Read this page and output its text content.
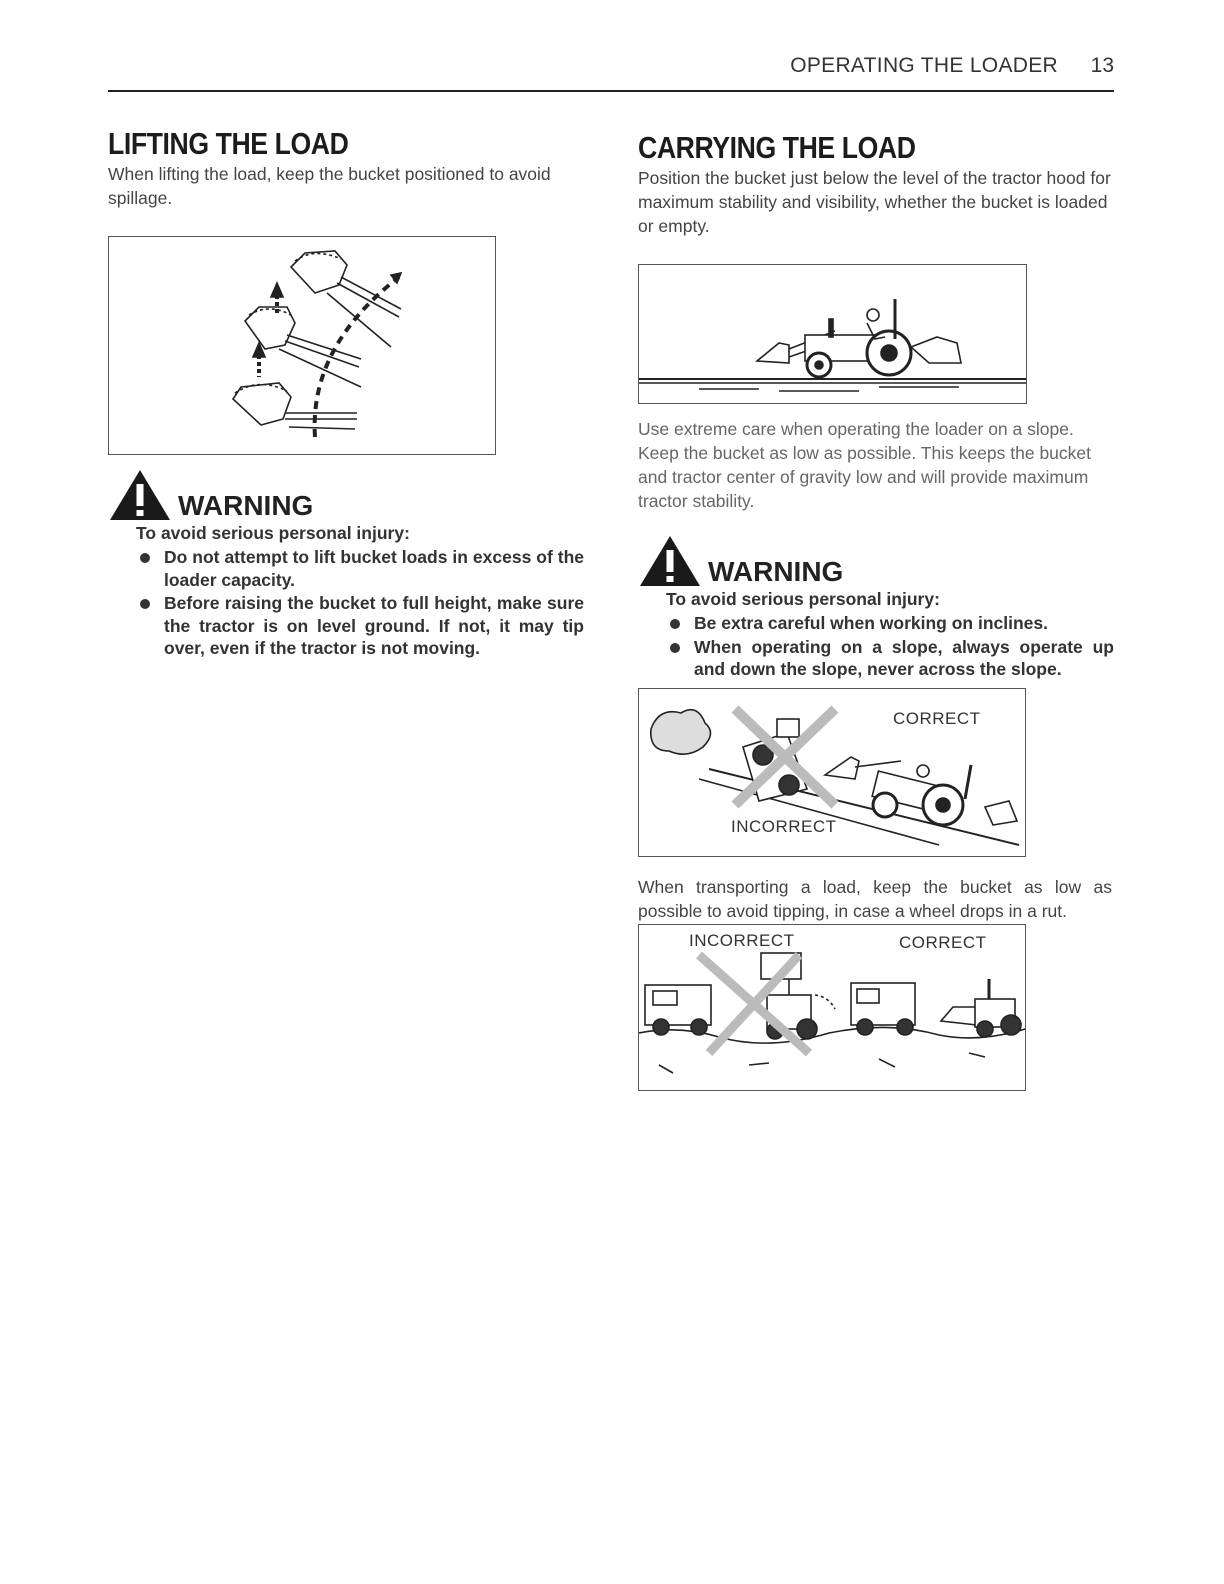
OPERATING THE LOADER 13
LIFTING THE LOAD

When lifting the load, keep the bucket positioned to avoid spillage.

WARNING

To avoid serious personal injury:

Do not attempt to lift bucket loads in excess of the loader capacity.
Before raising the bucket to full height, make sure the tractor is on level ground. If not, it may tip over, even if the tractor is not moving.
CARRYING THE LOAD

Position the bucket just below the level of the tractor hood for maximum stability and visibility, whether the bucket is loaded or empty.

Use extreme care when operating the loader on a slope. Keep the bucket as low as possible. This keeps the bucket and tractor center of gravity low and will provide maximum tractor stability.

WARNING

To avoid serious personal injury:

Be extra careful when working on inclines.
When operating on a slope, always operate up and down the slope, never across the slope.
CORRECT
INCORRECT

When transporting a load, keep the bucket as low as possible to avoid tipping, in case a wheel drops in a rut.

INCORRECT	CORRECT
